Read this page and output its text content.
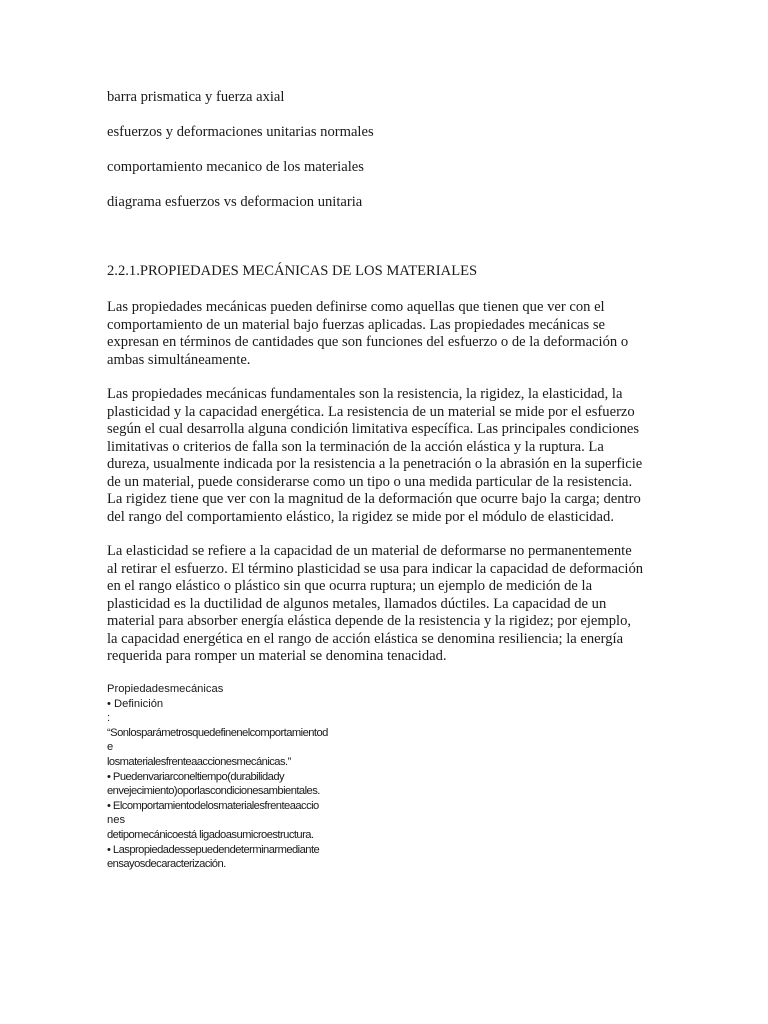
barra prismatica y fuerza axial

esfuerzos y deformaciones unitarias normales

comportamiento mecanico de los materiales

diagrama esfuerzos vs deformacion unitaria

2.2.1.PROPIEDADES MECÁNICAS DE LOS MATERIALES

Las propiedades mecánicas pueden definirse como aquellas que tienen que ver con el
comportamiento de un material bajo fuerzas aplicadas. Las propiedades mecánicas se
expresan en términos de cantidades que son funciones del esfuerzo o de la deformación o
ambas simultáneamente.
Las propiedades mecánicas fundamentales son la resistencia, la rigidez, la elasticidad, la
plasticidad y la capacidad energética. La resistencia de un material se mide por el esfuerzo
según el cual desarrolla alguna condición limitativa específica. Las principales condiciones
limitativas o criterios de falla son la terminación de la acción elástica y la ruptura. La
dureza, usualmente indicada por la resistencia a la penetración o la abrasión en la superficie
de un material, puede considerarse como un tipo o una medida particular de la resistencia.
La rigidez tiene que ver con la magnitud de la deformación que ocurre bajo la carga; dentro
del rango del comportamiento elástico, la rigidez se mide por el módulo de elasticidad.
La elasticidad se refiere a la capacidad de un material de deformarse no permanentemente
al retirar el esfuerzo. El término plasticidad se usa para indicar la capacidad de deformación
en el rango elástico o plástico sin que ocurra ruptura; un ejemplo de medición de la
plasticidad es la ductilidad de algunos metales, llamados dúctiles. La capacidad de un
material para absorber energía elástica depende de la resistencia y la rigidez; por ejemplo,
la capacidad energética en el rango de acción elástica se denomina resiliencia; la energía
requerida para romper un material se denomina tenacidad.
Propiedadesmecánicas
• Definición
:
“Sonlosparámetrosquedefinenelcomportamientod
e
losmaterialesfrenteaaccionesmecánicas.”
• Puedenvariarconeltiempo(durabilidady
envejecimiento)oporlascondicionesambientales.
• Elcomportamientodelosmaterialesfrenteaaccio
nes
detipomecánicoestá ligadoasumicroestructura.
• Laspropiedadessepuedendeterminarmediante
ensayosdecaracterización.
